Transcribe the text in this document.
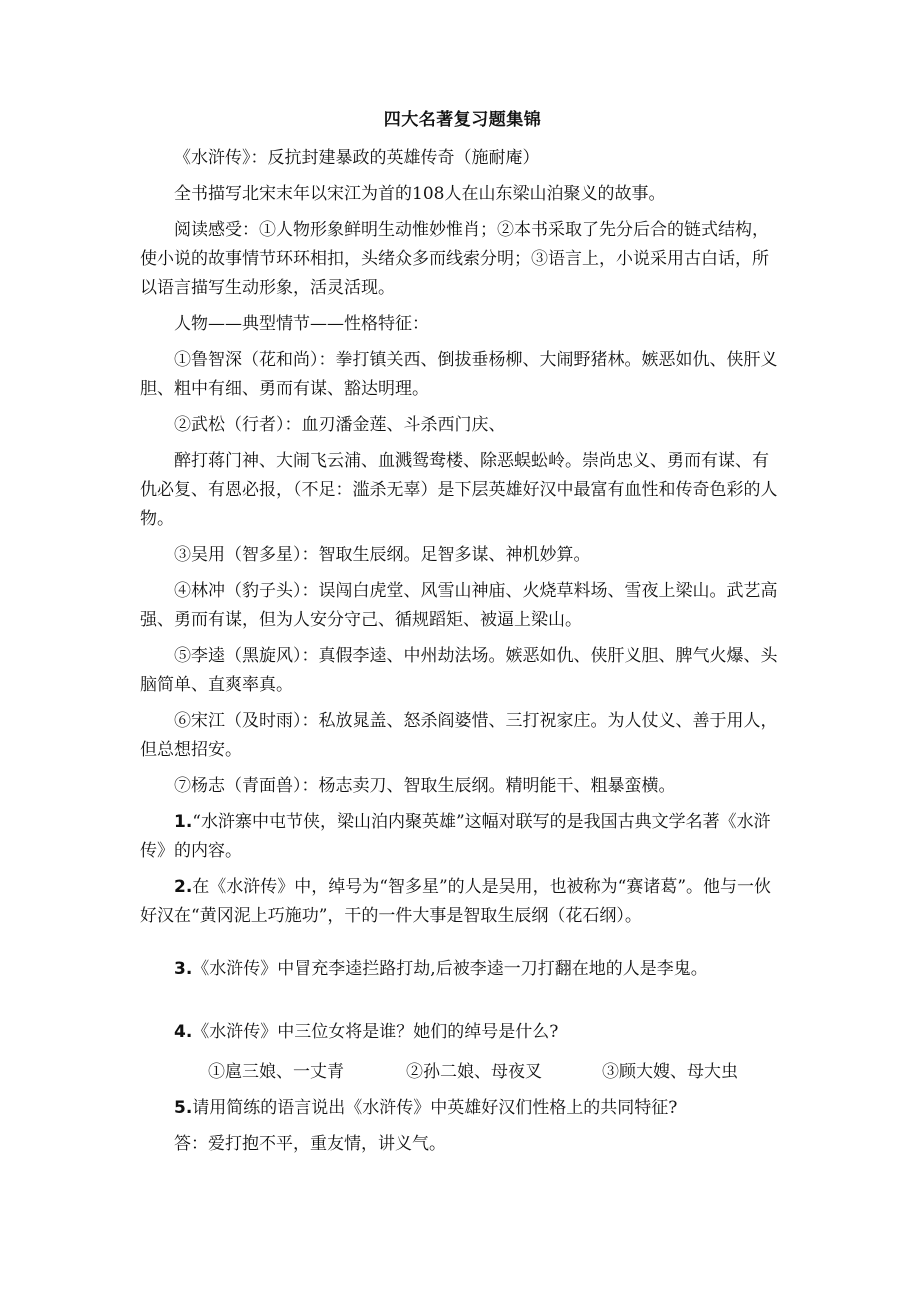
四大名著复习题集锦

《水浒传》：反抗封建暴政的英雄传奇（施耐庵）

全书描写北宋末年以宋江为首的108人在山东梁山泊聚义的故事。

阅读感受：①人物形象鲜明生动惟妙惟肖；②本书采取了先分后合的链式结构，使小说的故事情节环环相扣，头绪众多而线索分明；③语言上，小说采用古白话，所以语言描写生动形象，活灵活现。

人物——典型情节——性格特征：

①鲁智深（花和尚）：拳打镇关西、倒拔垂杨柳、大闹野猪林。嫉恶如仇、侠肝义胆、粗中有细、勇而有谋、豁达明理。

②武松（行者）：血刃潘金莲、斗杀西门庆、

醉打蒋门神、大闹飞云浦、血溅鸳鸯楼、除恶蜈蚣岭。崇尚忠义、勇而有谋、有仇必复、有恩必报，（不足：滥杀无辜）是下层英雄好汉中最富有血性和传奇色彩的人物。

③吴用（智多星）：智取生辰纲。足智多谋、神机妙算。

④林冲（豹子头）：误闯白虎堂、风雪山神庙、火烧草料场、雪夜上梁山。武艺高强、勇而有谋，但为人安分守己、循规蹈矩、被逼上梁山。

⑤李逵（黑旋风）：真假李逵、中州劫法场。嫉恶如仇、侠肝义胆、脾气火爆、头脑简单、直爽率真。

⑥宋江（及时雨）：私放晁盖、怒杀阎婆惜、三打祝家庄。为人仗义、善于用人，但总想招安。

⑦杨志（青面兽）：杨志卖刀、智取生辰纲。精明能干、粗暴蛮横。

1.“水浒寨中屯节侠，梁山泊内聚英雄”这幅对联写的是我国古典文学名著《水浒传》的内容。

2.在《水浒传》中，绰号为“智多星”的人是吴用，也被称为“赛诸葛”。他与一伙好汉在“黄冈泥上巧施功”，干的一件大事是智取生辰纲（花石纲）。

3.《水浒传》中冒充李逵拦路打劫,后被李逵一刀打翻在地的人是李鬼。

4.《水浒传》中三位女将是谁？她们的绰号是什么?

①扈三娘、一丈青	②孙二娘、母夜叉	③顾大嫂、母大虫

5.请用简练的语言说出《水浒传》中英雄好汉们性格上的共同特征?

答：爱打抱不平，重友情，讲义气。
